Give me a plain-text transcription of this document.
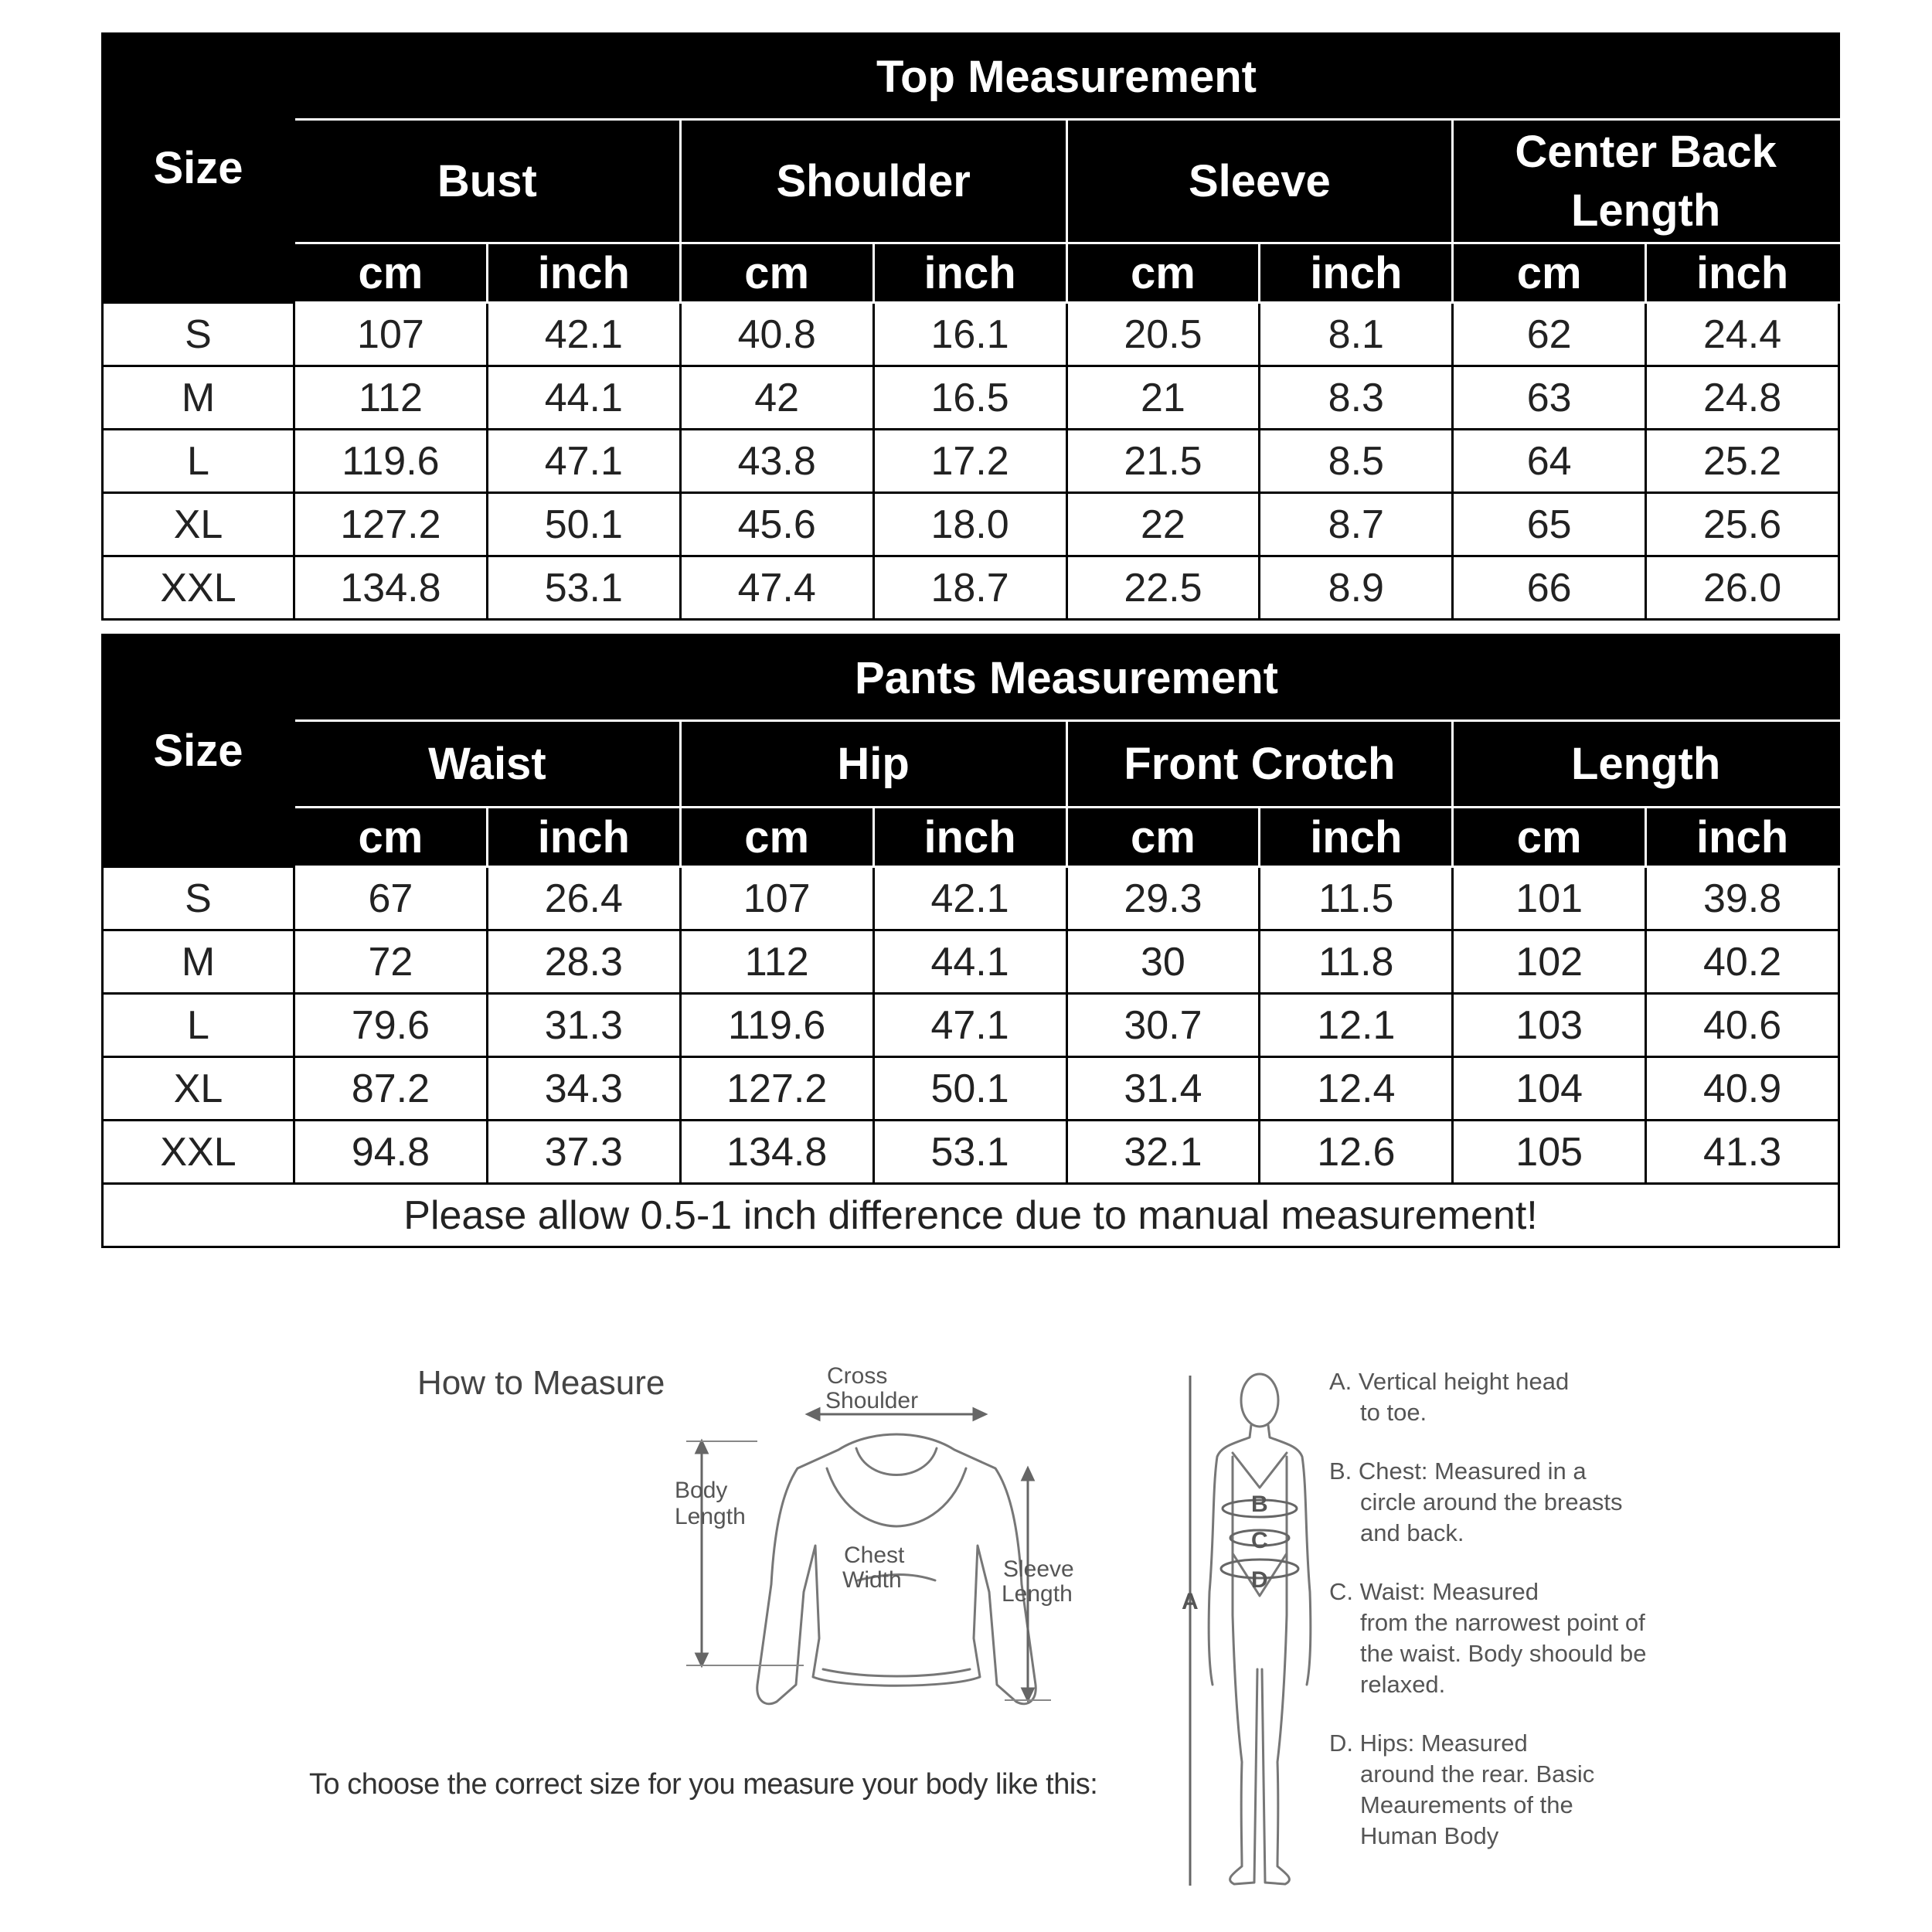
Size	Top Measurement							
	Bust		Shoulder		Sleeve		Center Back Length	
	cm	inch	cm	inch	cm	inch	cm	inch
S	107	42.1	40.8	16.1	20.5	8.1	62	24.4
M	112	44.1	42	16.5	21	8.3	63	24.8
L	119.6	47.1	43.8	17.2	21.5	8.5	64	25.2
XL	127.2	50.1	45.6	18.0	22	8.7	65	25.6
XXL	134.8	53.1	47.4	18.7	22.5	8.9	66	26.0
Size	Pants Measurement							
	Waist		Hip		Front Crotch		Length	
	cm	inch	cm	inch	cm	inch	cm	inch
S	67	26.4	107	42.1	29.3	11.5	101	39.8
M	72	28.3	112	44.1	30	11.8	102	40.2
L	79.6	31.3	119.6	47.1	30.7	12.1	103	40.6
XL	87.2	34.3	127.2	50.1	31.4	12.4	104	40.9
XXL	94.8	37.3	134.8	53.1	32.1	12.6	105	41.3
Please allow 0.5-1 inch difference due to manual measurement!								
How to Measure	Cross
Shoulder
Body
Length
Chest
Width	Sleeve
Length	A
B
C
D
To choose the correct size for you measure your body like this:

A. Vertical height head
to toe.

B. Chest: Measured in a
circle around the breasts and back.

C. Waist: Measured
from the narrowest point of the waist. Body shoould be relaxed.

D. Hips: Measured
around the rear. Basic Meaurements of the Human Body
